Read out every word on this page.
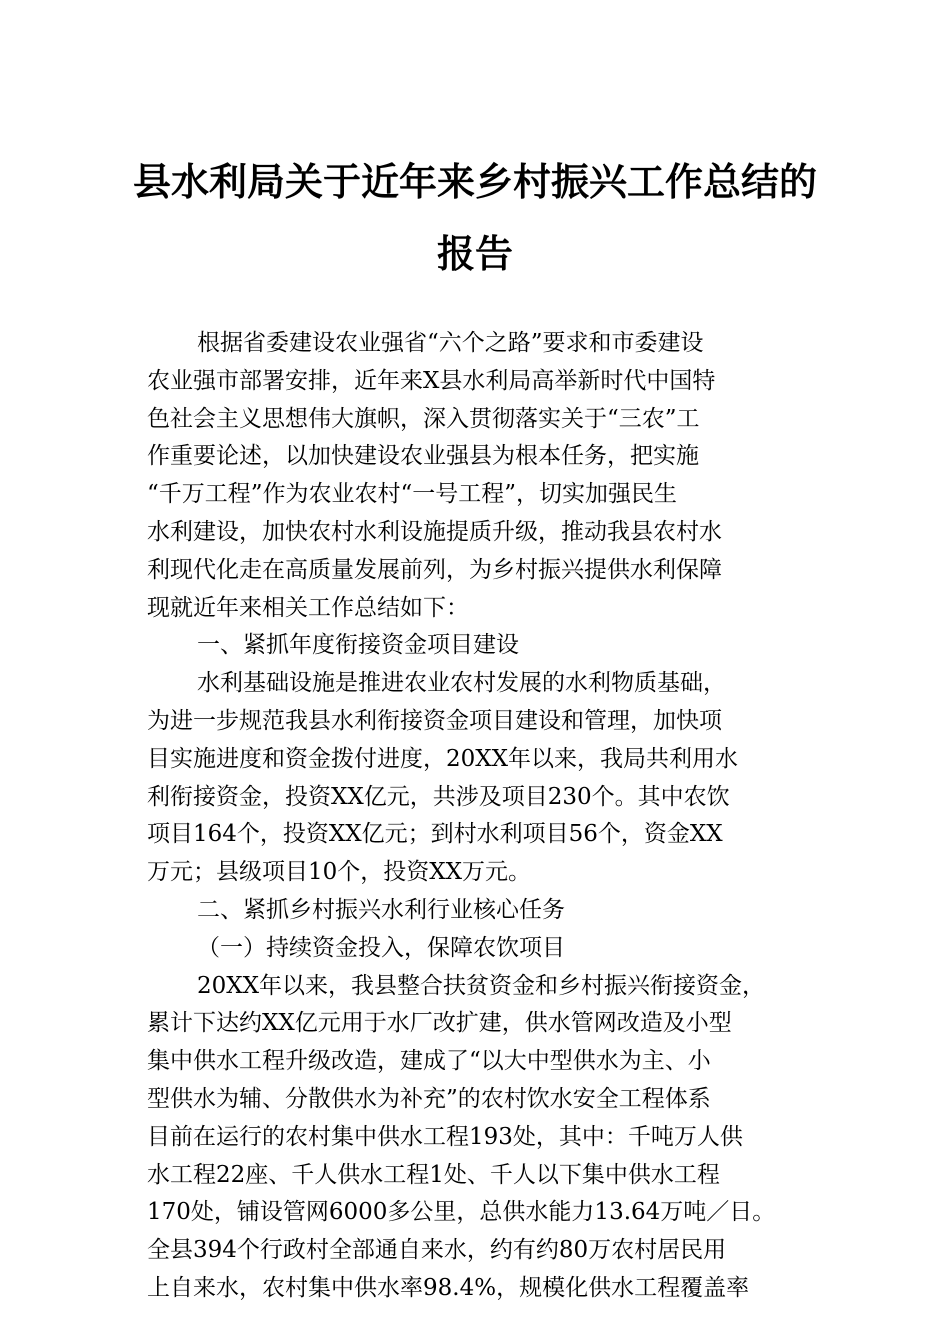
县水利局关于近年来乡村振兴工作总结的
报告
根据省委建设农业强省“六个之路”要求和市委建设
农业强市部署安排，近年来X县水利局高举新时代中国特
色社会主义思想伟大旗帜，深入贯彻落实关于“三农”工
作重要论述，以加快建设农业强县为根本任务，把实施
“千万工程”作为农业农村“一号工程”，切实加强民生
水利建设，加快农村水利设施提质升级，推动我县农村水
利现代化走在高质量发展前列，为乡村振兴提供水利保障
现就近年来相关工作总结如下：
一、紧抓年度衔接资金项目建设
水利基础设施是推进农业农村发展的水利物质基础，
为进一步规范我县水利衔接资金项目建设和管理，加快项
目实施进度和资金拨付进度，20XX年以来，我局共利用水
利衔接资金，投资XX亿元，共涉及项目230个。其中农饮
项目164个，投资XX亿元；到村水利项目56个，资金XX
万元；县级项目10个，投资XX万元。
二、紧抓乡村振兴水利行业核心任务
（一）持续资金投入，保障农饮项目
20XX年以来，我县整合扶贫资金和乡村振兴衔接资金，
累计下达约XX亿元用于水厂改扩建，供水管网改造及小型
集中供水工程升级改造，建成了“以大中型供水为主、小
型供水为辅、分散供水为补充”的农村饮水安全工程体系
目前在运行的农村集中供水工程193处，其中：千吨万人供
水工程22座、千人供水工程1处、千人以下集中供水工程
170处，铺设管网6000多公里，总供水能力13.64万吨／日。
全县394个行政村全部通自来水，约有约80万农村居民用
上自来水，农村集中供水率98.4%，规模化供水工程覆盖率
